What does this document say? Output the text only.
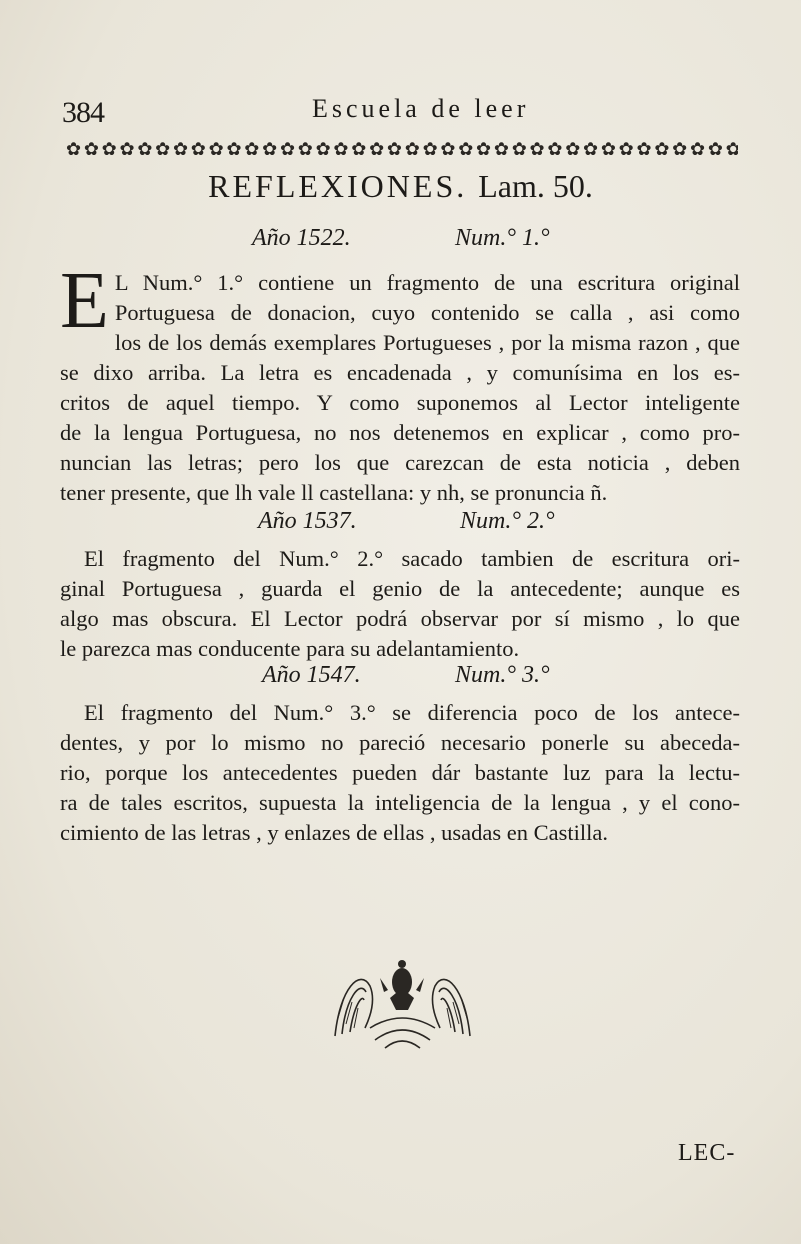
384	Escuela de leer
✿ ✿ ✿ ✿ ✿ ✿ ✿ ✿ ✿ ✿ ✿ ✿ ✿ ✿ ✿ ✿ ✿ ✿ ✿ ✿ ✿ ✿ ✿ ✿ ✿ ✿ ✿ ✿ ✿ ✿ ✿ ✿ ✿ ✿ ✿ ✿ ✿ ✿
REFLEXIONES. Lam. 50.
Año 1522.	Num.° 1.°
E L Num.° 1.° contiene un fragmento de una escritura original
Portuguesa de donacion, cuyo contenido se calla , asi como
los de los demás exemplares Portugueses , por la misma razon , que
se dixo arriba. La letra es encadenada , y comunísima en los es-
critos de aquel tiempo. Y como suponemos al Lector inteligente
de la lengua Portuguesa, no nos detenemos en explicar , como pro-
nuncian las letras; pero los que carezcan de esta noticia , deben
tener presente, que lh vale ll castellana: y nh, se pronuncia ñ.
Año 1537.	Num.° 2.°
El fragmento del Num.° 2.° sacado tambien de escritura ori-
ginal Portuguesa , guarda el genio de la antecedente; aunque es
algo mas obscura. El Lector podrá observar por sí mismo , lo que
le parezca mas conducente para su adelantamiento.
Año 1547.	Num.° 3.°
El fragmento del Num.° 3.° se diferencia poco de los antece-
dentes, y por lo mismo no pareció necesario ponerle su abeceda-
rio, porque los antecedentes pueden dár bastante luz para la lectu-
ra de tales escritos, supuesta la inteligencia de la lengua , y el cono-
cimiento de las letras , y enlazes de ellas , usadas en Castilla.
LEC-
